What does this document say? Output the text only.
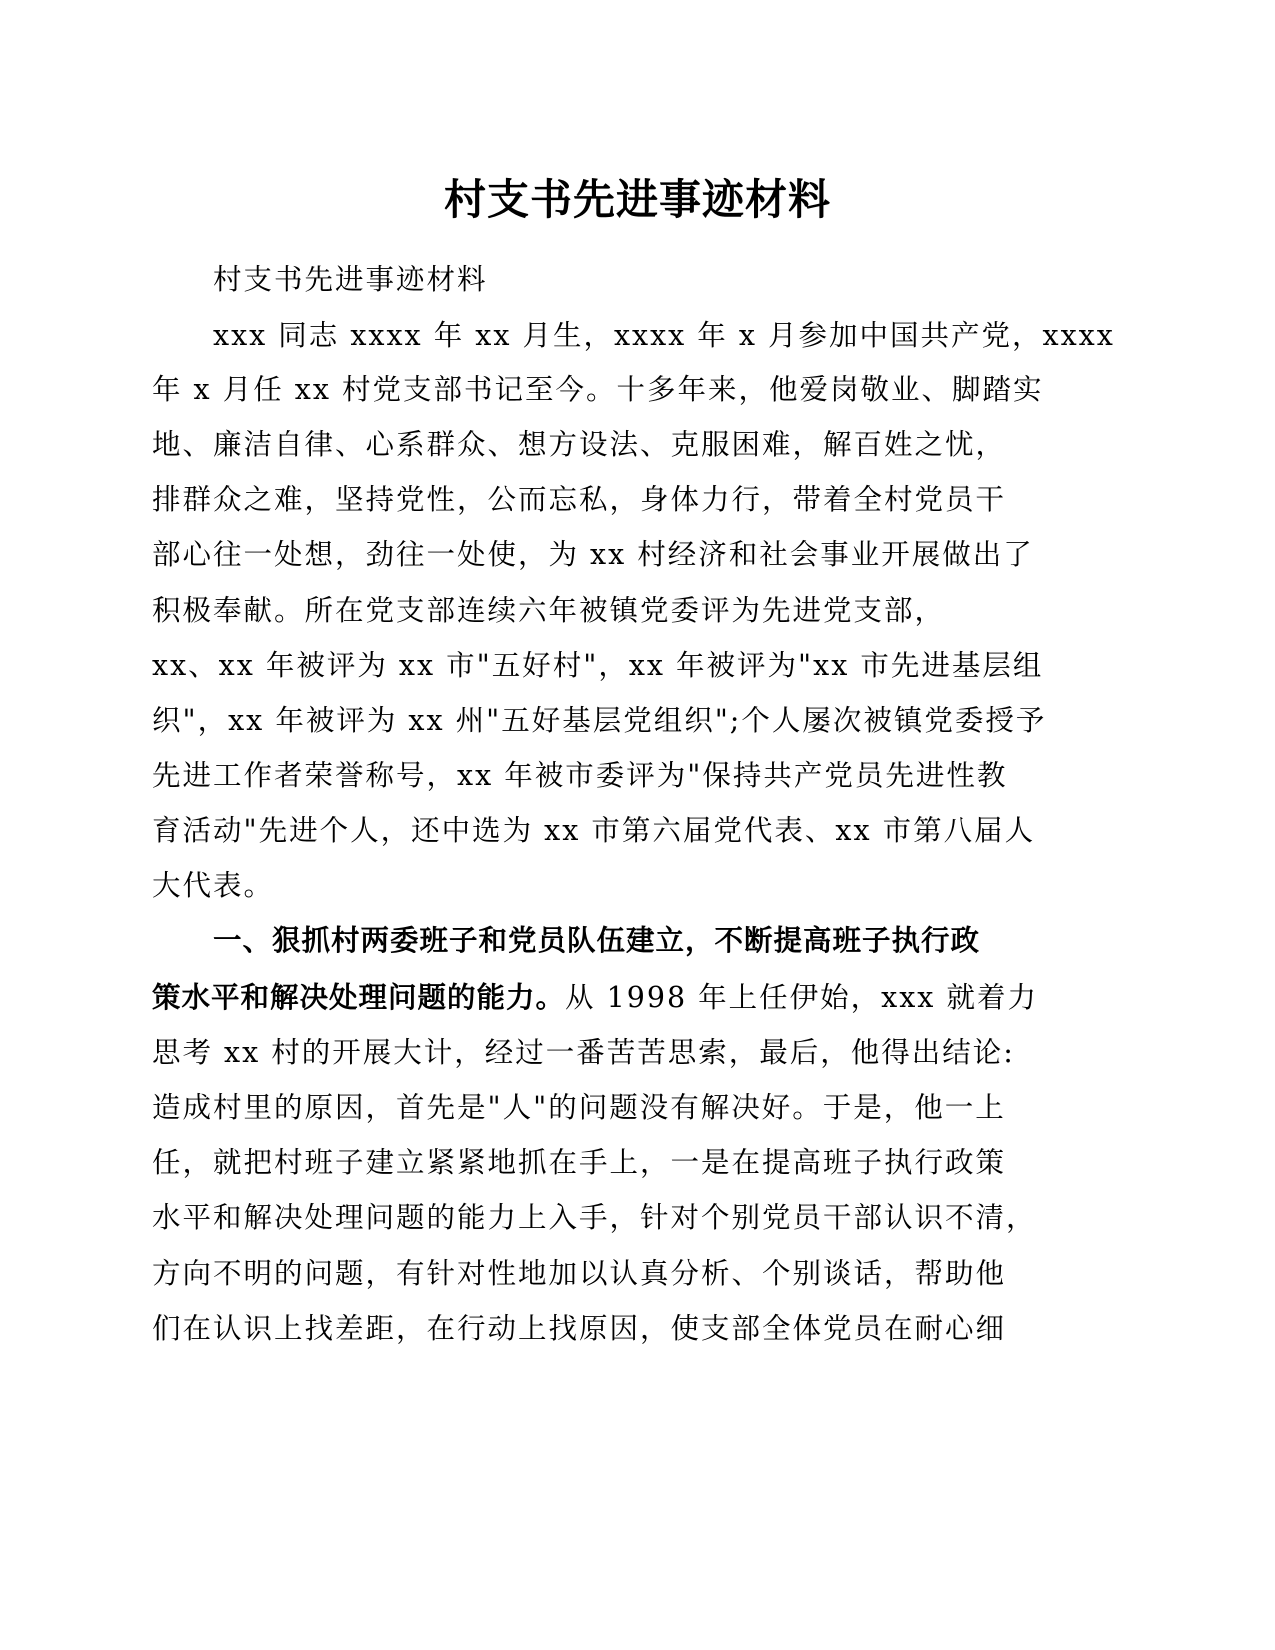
村支书先进事迹材料

村支书先进事迹材料

xxx 同志 xxxx 年 xx 月生，xxxx 年 x 月参加中国共产党，xxxx

年 x 月任 xx 村党支部书记至今。十多年来，他爱岗敬业、脚踏实

地、廉洁自律、心系群众、想方设法、克服困难，解百姓之忧，

排群众之难，坚持党性，公而忘私，身体力行，带着全村党员干

部心往一处想，劲往一处使，为 xx 村经济和社会事业开展做出了

积极奉献。所在党支部连续六年被镇党委评为先进党支部，

xx、xx 年被评为 xx 市"五好村"，xx 年被评为"xx 市先进基层组

织"，xx 年被评为 xx 州"五好基层党组织";个人屡次被镇党委授予

先进工作者荣誉称号，xx 年被市委评为"保持共产党员先进性教

育活动"先进个人，还中选为 xx 市第六届党代表、xx 市第八届人

大代表。

一、狠抓村两委班子和党员队伍建立，不断提高班子执行政

策水平和解决处理问题的能力。从 1998 年上任伊始，xxx 就着力

思考 xx 村的开展大计，经过一番苦苦思索，最后，他得出结论:

造成村里的原因，首先是"人"的问题没有解决好。于是，他一上

任，就把村班子建立紧紧地抓在手上，一是在提高班子执行政策

水平和解决处理问题的能力上入手，针对个别党员干部认识不清，

方向不明的问题，有针对性地加以认真分析、个别谈话，帮助他

们在认识上找差距，在行动上找原因，使支部全体党员在耐心细
